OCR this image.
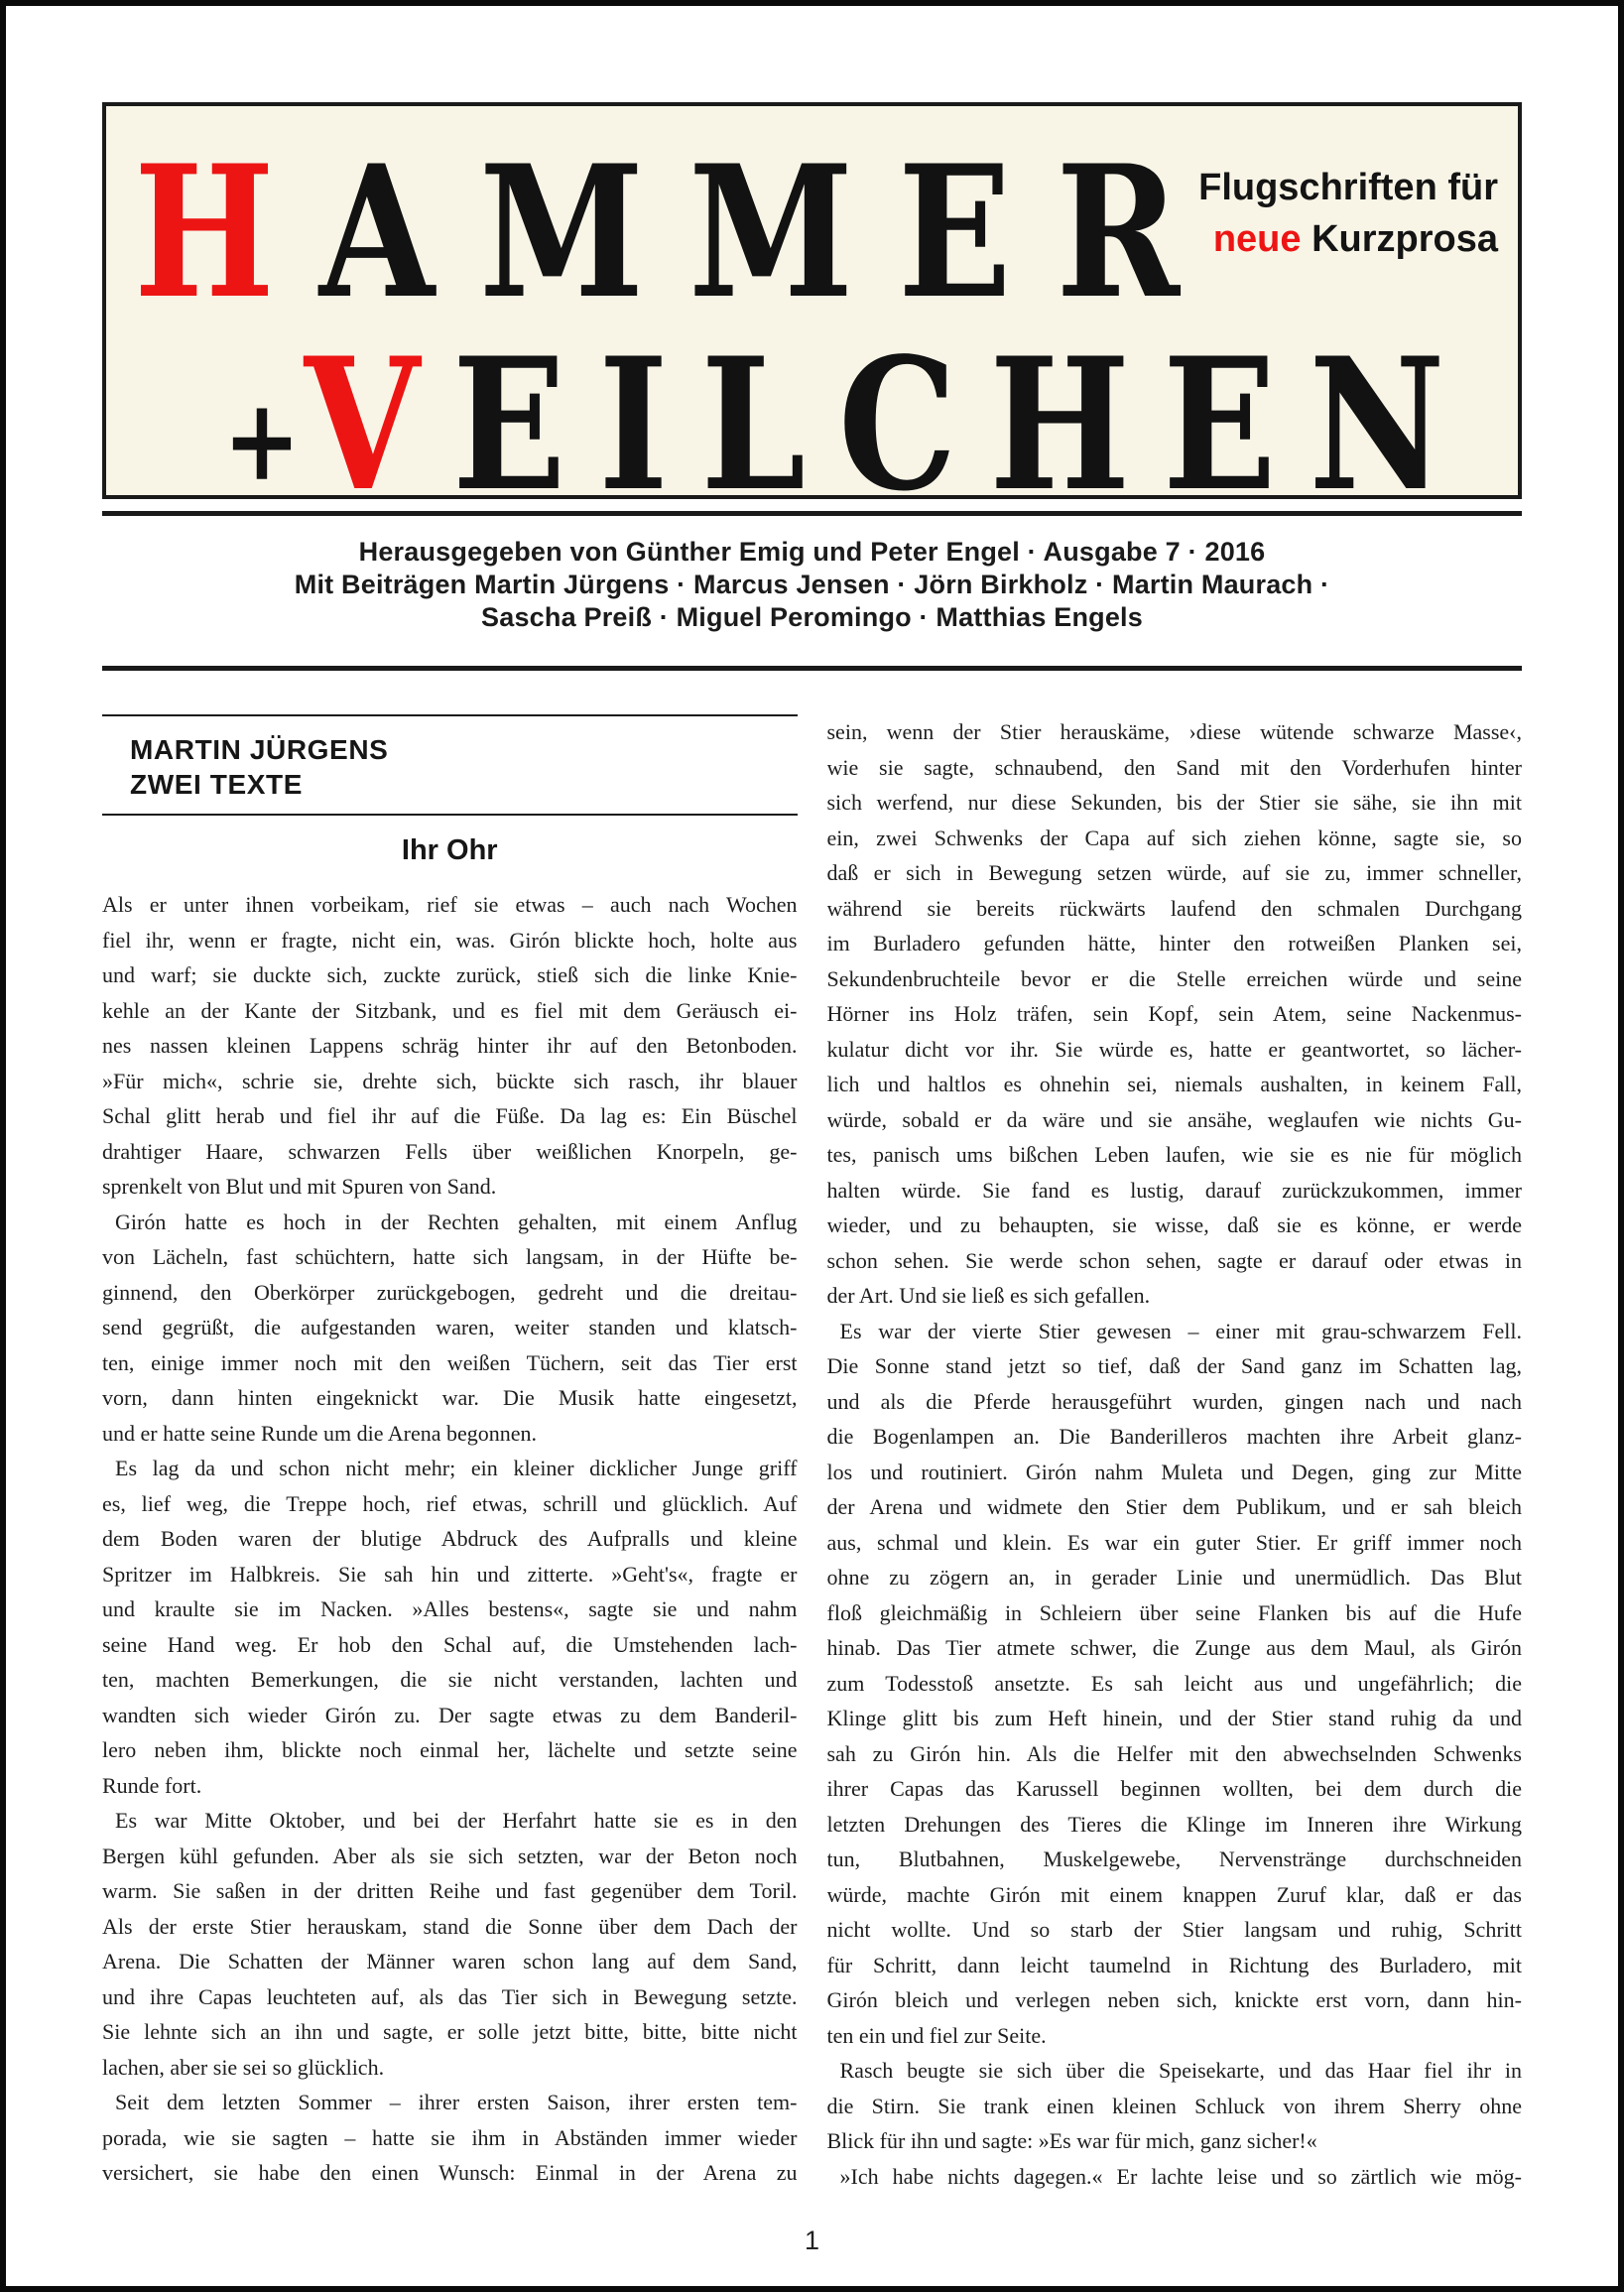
HAMMER
Flugschriften für
neue Kurzprosa
+VEILCHEN
Herausgegeben von Günther Emig und Peter Engel · Ausgabe 7 · 2016
Mit Beiträgen Martin Jürgens · Marcus Jensen · Jörn Birkholz · Martin Maurach ·
Sascha Preiß · Miguel Peromingo · Matthias Engels
MARTIN JÜRGENS
ZWEI TEXTE
Ihr Ohr
Als er unter ihnen vorbeikam, rief sie etwas – auch nach Wochen
fiel ihr, wenn er fragte, nicht ein, was. Girón blickte hoch, holte aus
und warf; sie duckte sich, zuckte zurück, stieß sich die linke Knie-
kehle an der Kante der Sitzbank, und es fiel mit dem Geräusch ei-
nes nassen kleinen Lappens schräg hinter ihr auf den Betonboden.
»Für mich«, schrie sie, drehte sich, bückte sich rasch, ihr blauer
Schal glitt herab und fiel ihr auf die Füße. Da lag es: Ein Büschel
drahtiger Haare, schwarzen Fells über weißlichen Knorpeln, ge-
sprenkelt von Blut und mit Spuren von Sand.
Girón hatte es hoch in der Rechten gehalten, mit einem Anflug
von Lächeln, fast schüchtern, hatte sich langsam, in der Hüfte be-
ginnend, den Oberkörper zurückgebogen, gedreht und die dreitau-
send gegrüßt, die aufgestanden waren, weiter standen und klatsch-
ten, einige immer noch mit den weißen Tüchern, seit das Tier erst
vorn, dann hinten eingeknickt war. Die Musik hatte eingesetzt,
und er hatte seine Runde um die Arena begonnen.
Es lag da und schon nicht mehr; ein kleiner dicklicher Junge griff
es, lief weg, die Treppe hoch, rief etwas, schrill und glücklich. Auf
dem Boden waren der blutige Abdruck des Aufpralls und kleine
Spritzer im Halbkreis. Sie sah hin und zitterte. »Geht's«, fragte er
und kraulte sie im Nacken. »Alles bestens«, sagte sie und nahm
seine Hand weg. Er hob den Schal auf, die Umstehenden lach-
ten, machten Bemerkungen, die sie nicht verstanden, lachten und
wandten sich wieder Girón zu. Der sagte etwas zu dem Banderil-
lero neben ihm, blickte noch einmal her, lächelte und setzte seine
Runde fort.
Es war Mitte Oktober, und bei der Herfahrt hatte sie es in den
Bergen kühl gefunden. Aber als sie sich setzten, war der Beton noch
warm. Sie saßen in der dritten Reihe und fast gegenüber dem Toril.
Als der erste Stier herauskam, stand die Sonne über dem Dach der
Arena. Die Schatten der Männer waren schon lang auf dem Sand,
und ihre Capas leuchteten auf, als das Tier sich in Bewegung setzte.
Sie lehnte sich an ihn und sagte, er solle jetzt bitte, bitte, bitte nicht
lachen, aber sie sei so glücklich.
Seit dem letzten Sommer – ihrer ersten Saison, ihrer ersten tem-
porada, wie sie sagten – hatte sie ihm in Abständen immer wieder
versichert, sie habe den einen Wunsch: Einmal in der Arena zu
sein, wenn der Stier herauskäme, ›diese wütende schwarze Masse‹,
wie sie sagte, schnaubend, den Sand mit den Vorderhufen hinter
sich werfend, nur diese Sekunden, bis der Stier sie sähe, sie ihn mit
ein, zwei Schwenks der Capa auf sich ziehen könne, sagte sie, so
daß er sich in Bewegung setzen würde, auf sie zu, immer schneller,
während sie bereits rückwärts laufend den schmalen Durchgang
im Burladero gefunden hätte, hinter den rotweißen Planken sei,
Sekundenbruchteile bevor er die Stelle erreichen würde und seine
Hörner ins Holz träfen, sein Kopf, sein Atem, seine Nackenmus-
kulatur dicht vor ihr. Sie würde es, hatte er geantwortet, so lächer-
lich und haltlos es ohnehin sei, niemals aushalten, in keinem Fall,
würde, sobald er da wäre und sie ansähe, weglaufen wie nichts Gu-
tes, panisch ums bißchen Leben laufen, wie sie es nie für möglich
halten würde. Sie fand es lustig, darauf zurückzukommen, immer
wieder, und zu behaupten, sie wisse, daß sie es könne, er werde
schon sehen. Sie werde schon sehen, sagte er darauf oder etwas in
der Art. Und sie ließ es sich gefallen.
Es war der vierte Stier gewesen – einer mit grau-schwarzem Fell.
Die Sonne stand jetzt so tief, daß der Sand ganz im Schatten lag,
und als die Pferde herausgeführt wurden, gingen nach und nach
die Bogenlampen an. Die Banderilleros machten ihre Arbeit glanz-
los und routiniert. Girón nahm Muleta und Degen, ging zur Mitte
der Arena und widmete den Stier dem Publikum, und er sah bleich
aus, schmal und klein. Es war ein guter Stier. Er griff immer noch
ohne zu zögern an, in gerader Linie und unermüdlich. Das Blut
floß gleichmäßig in Schleiern über seine Flanken bis auf die Hufe
hinab. Das Tier atmete schwer, die Zunge aus dem Maul, als Girón
zum Todesstoß ansetzte. Es sah leicht aus und ungefährlich; die
Klinge glitt bis zum Heft hinein, und der Stier stand ruhig da und
sah zu Girón hin. Als die Helfer mit den abwechselnden Schwenks
ihrer Capas das Karussell beginnen wollten, bei dem durch die
letzten Drehungen des Tieres die Klinge im Inneren ihre Wirkung
tun, Blutbahnen, Muskelgewebe, Nervenstränge durchschneiden
würde, machte Girón mit einem knappen Zuruf klar, daß er das
nicht wollte. Und so starb der Stier langsam und ruhig, Schritt
für Schritt, dann leicht taumelnd in Richtung des Burladero, mit
Girón bleich und verlegen neben sich, knickte erst vorn, dann hin-
ten ein und fiel zur Seite.
Rasch beugte sie sich über die Speisekarte, und das Haar fiel ihr in
die Stirn. Sie trank einen kleinen Schluck von ihrem Sherry ohne
Blick für ihn und sagte: »Es war für mich, ganz sicher!«
»Ich habe nichts dagegen.« Er lachte leise und so zärtlich wie mög-
1
